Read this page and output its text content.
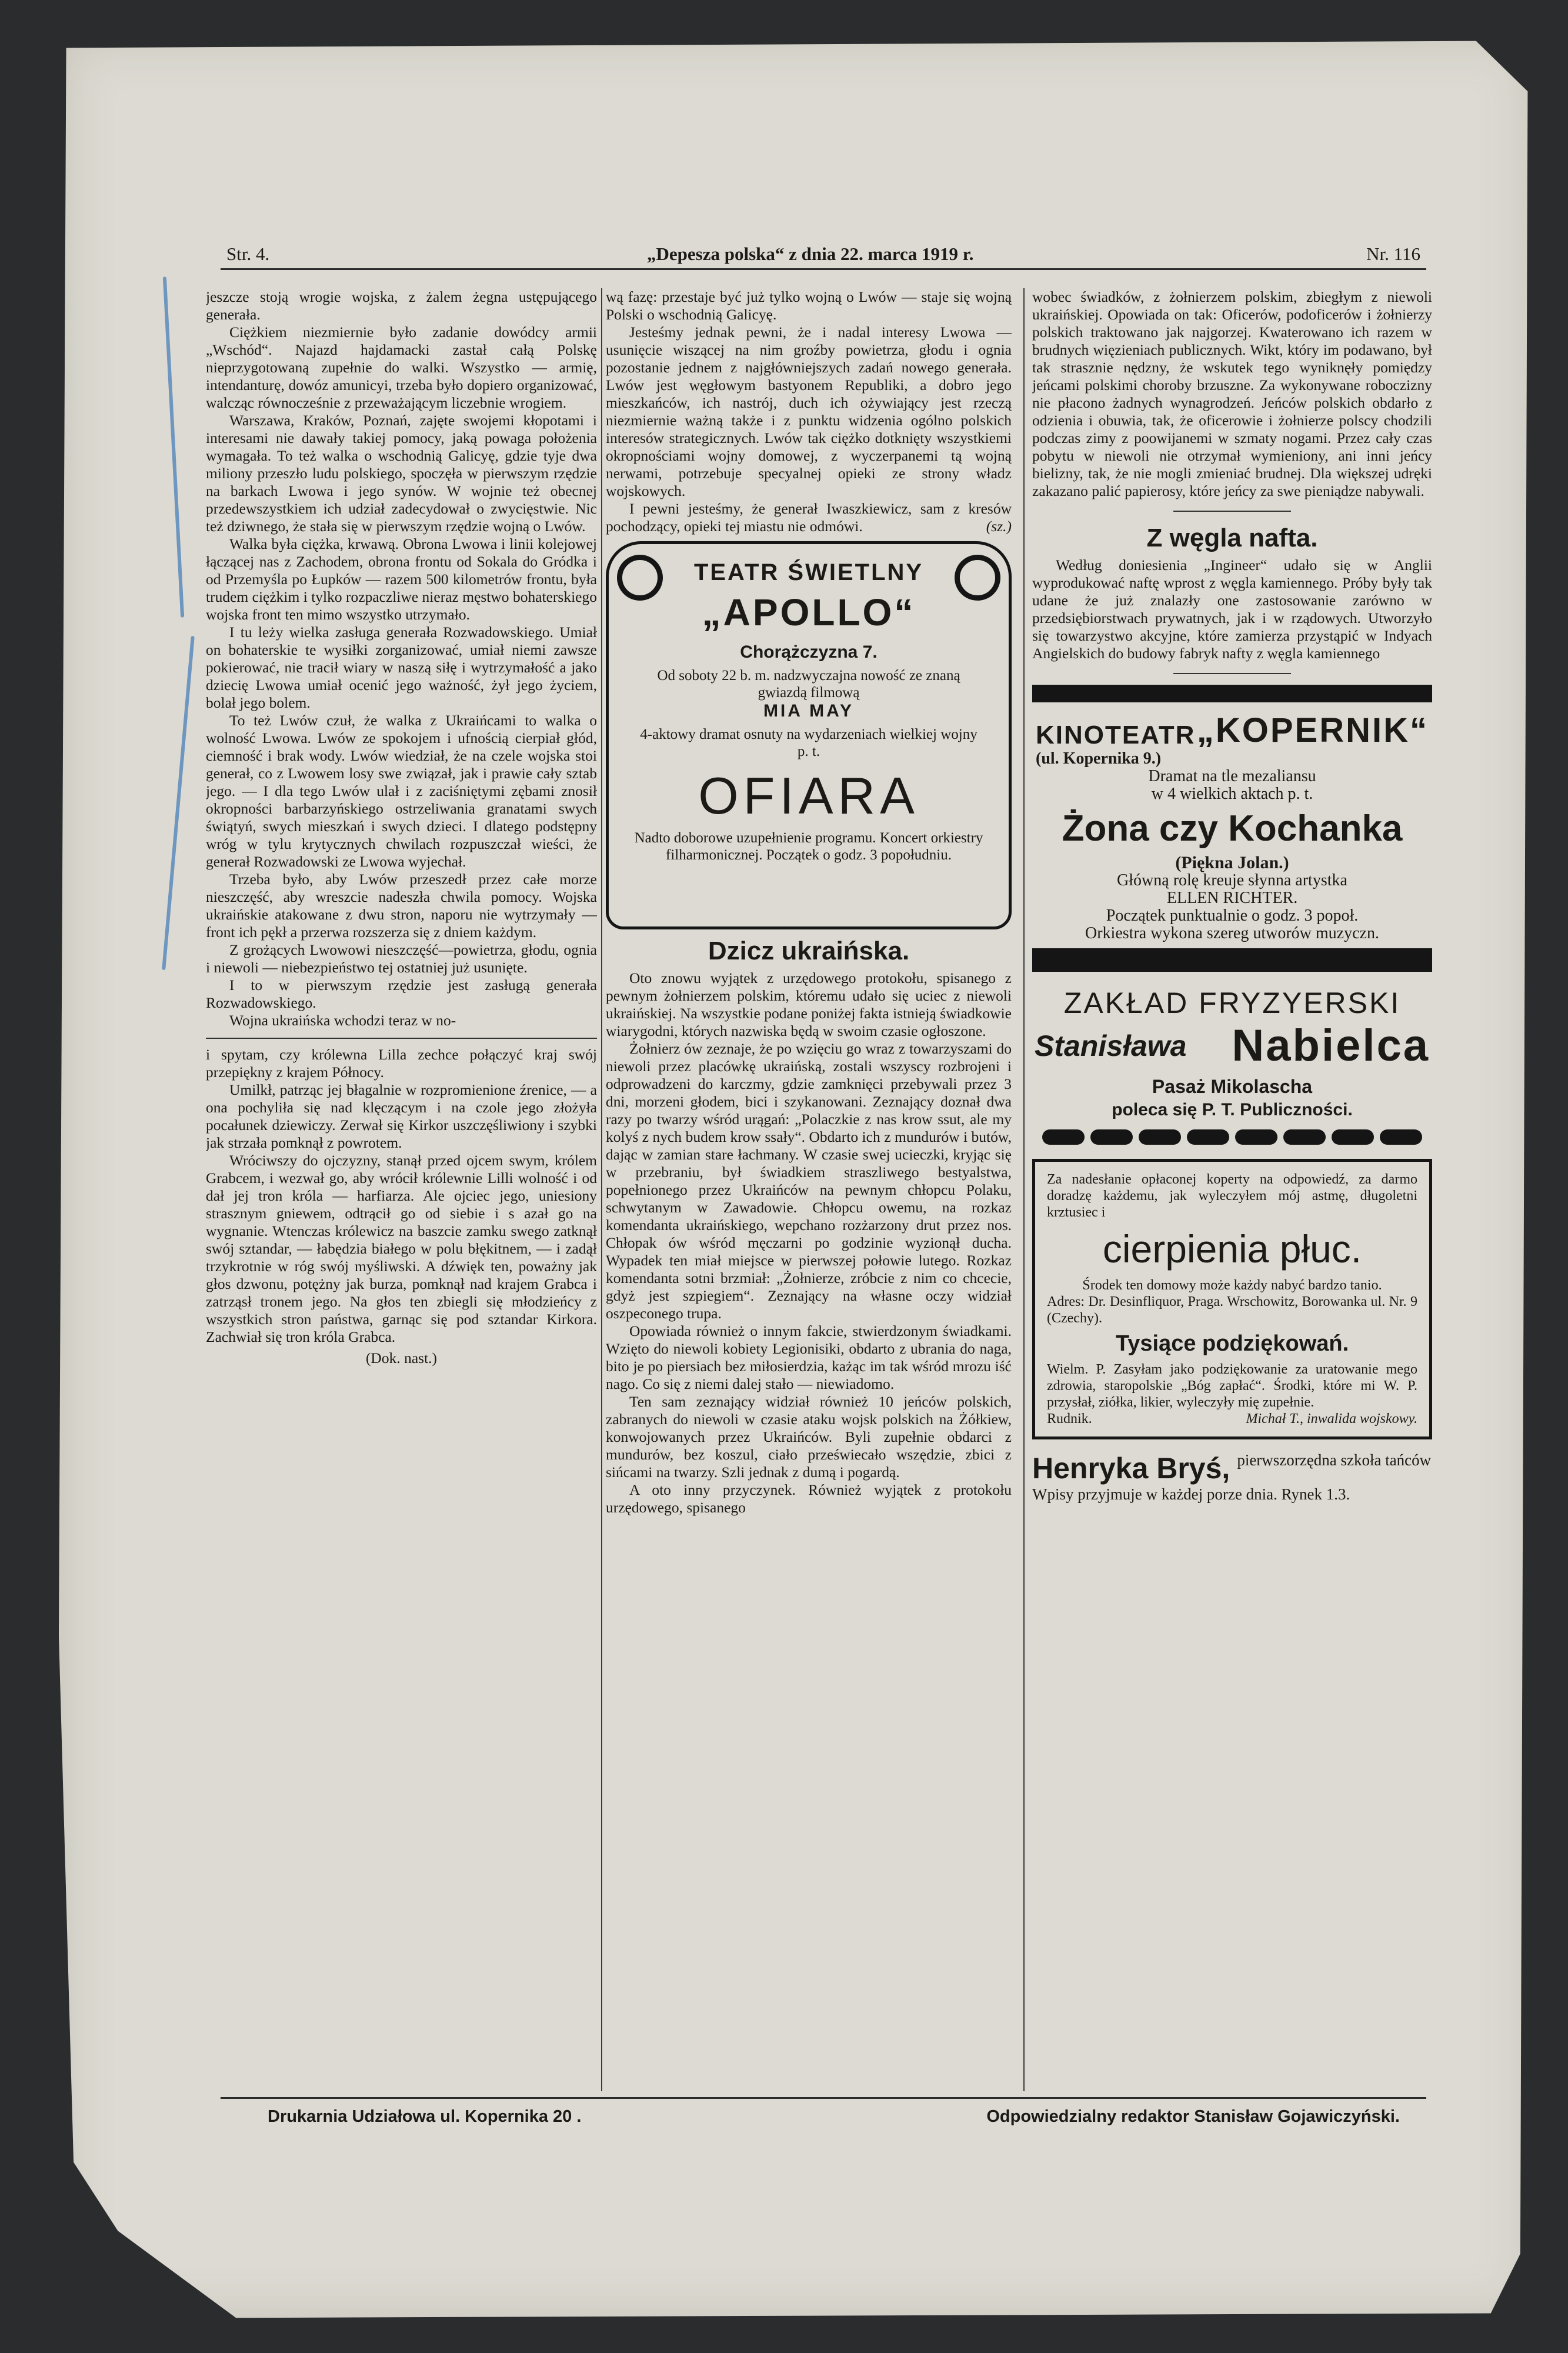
Str. 4.	„Depesza polska“ z dnia 22. marca 1919 r.	Nr. 116

jeszcze stoją wrogie wojska, z żalem żegna ustępującego generała.

Ciężkiem niezmiernie było zadanie dowódcy armii „Wschód“. Najazd hajdamacki zastał całą Polskę nieprzygotowaną zupełnie do walki. Wszystko — armię, intendanturę, dowóz amunicyi, trzeba było dopiero organizować, walcząc równocześnie z przeważającym liczebnie wrogiem.

Warszawa, Kraków, Poznań, zajęte swojemi kłopotami i interesami nie dawały takiej pomocy, jaką powaga położenia wymagała. To też walka o wschodnią Galicyę, gdzie tyje dwa miliony przeszło ludu polskiego, spoczęła w pierwszym rzędzie na barkach Lwowa i jego synów. W wojnie też obecnej przedewszystkiem ich udział zadecydował o zwycięstwie. Nic też dziwnego, że stała się w pierwszym rzędzie wojną o Lwów.

Walka była ciężka, krwawą. Obrona Lwowa i linii kolejowej łączącej nas z Zachodem, obrona frontu od Sokala do Gródka i od Przemyśla po Łupków — razem 500 kilometrów frontu, była trudem ciężkim i tylko rozpaczliwe nieraz męstwo bohaterskiego wojska front ten mimo wszystko utrzymało.

I tu leży wielka zasługa generała Rozwadowskiego. Umiał on bohaterskie te wysiłki zorganizować, umiał niemi zawsze pokierować, nie tracił wiary w naszą siłę i wytrzymałość a jako dziecię Lwowa umiał ocenić jego ważność, żył jego życiem, bolał jego bolem.

To też Lwów czuł, że walka z Ukraińcami to walka o wolność Lwowa. Lwów ze spokojem i ufnością cierpiał głód, ciemność i brak wody. Lwów wiedział, że na czele wojska stoi generał, co z Lwowem losy swe związał, jak i prawie cały sztab jego. — I dla tego Lwów ulał i z zaciśniętymi zębami znosił okropności barbarzyńskiego ostrzeliwania granatami swych świątyń, swych mieszkań i swych dzieci. I dlatego podstępny wróg w tylu krytycznych chwilach rozpuszczał wieści, że generał Rozwadowski ze Lwowa wyjechał.

Trzeba było, aby Lwów przeszedł przez całe morze nieszczęść, aby wreszcie nadeszła chwila pomocy. Wojska ukraińskie atakowane z dwu stron, naporu nie wytrzymały — front ich pękł a przerwa rozszerza się z dniem każdym.

Z grożących Lwowowi nieszczęść—powietrza, głodu, ognia i niewoli — niebezpieństwo tej ostatniej już usunięte.

I to w pierwszym rzędzie jest zasługą generała Rozwadowskiego.

Wojna ukraińska wchodzi teraz w no-

i spytam, czy królewna Lilla zechce połączyć kraj swój przepiękny z krajem Północy.

Umilkł, patrząc jej błagalnie w rozpromienione źrenice, — a ona pochyliła się nad klęczącym i na czole jego złożyła pocałunek dziewiczy. Zerwał się Kirkor uszczęśliwiony i szybki jak strzała pomknął z powrotem.

Wróciwszy do ojczyzny, stanął przed ojcem swym, królem Grabcem, i wezwał go, aby wrócił królewnie Lilli wolność i od dał jej tron króla — harfiarza. Ale ojciec jego, uniesiony strasznym gniewem, odtrącił go od siebie i s azał go na wygnanie. Wtenczas królewicz na baszcie zamku swego zatknął swój sztandar, — łabędzia białego w polu błękitnem, — i zadął trzykrotnie w róg swój myśliwski. A dźwięk ten, poważny jak głos dzwonu, potężny jak burza, pomknął nad krajem Grabca i zatrząsł tronem jego. Na głos ten zbiegli się młodzieńcy z wszystkich stron państwa, garnąc się pod sztandar Kirkora. Zachwiał się tron króla Grabca.

(Dok. nast.)

wą fazę: przestaje być już tylko wojną o Lwów — staje się wojną Polski o wschodnią Galicyę.

Jesteśmy jednak pewni, że i nadal interesy Lwowa — usunięcie wiszącej na nim groźby powietrza, głodu i ognia pozostanie jednem z najgłówniejszych zadań nowego generała. Lwów jest węgłowym bastyonem Republiki, a dobro jego mieszkańców, ich nastrój, duch ich ożywiający jest rzeczą niezmiernie ważną także i z punktu widzenia ogólno polskich interesów strategicznych. Lwów tak ciężko dotknięty wszystkiemi okropnościami wojny domowej, z wyczerpanemi tą wojną nerwami, potrzebuje specyalnej opieki ze strony władz wojskowych.

I pewni jesteśmy, że generał Iwaszkiewicz, sam z kresów pochodzący, opieki tej miastu nie odmówi.	(sz.)

TEATR ŚWIETLNY
„APOLLO“
Chorążczyzna 7.
Od soboty 22 b. m. nadzwyczajna nowość ze znaną gwiazdą filmową
MIA MAY
4-aktowy dramat osnuty na wydarzeniach wielkiej wojny p. t.
OFIARA
Nadto doborowe uzupełnienie programu. Koncert orkiestry filharmonicznej. Początek o godz. 3 popołudniu.
Dzicz ukraińska.

Oto znowu wyjątek z urzędowego protokołu, spisanego z pewnym żołnierzem polskim, któremu udało się uciec z niewoli ukraińskiej. Na wszystkie podane poniżej fakta istnieją świadkowie wiarygodni, których nazwiska będą w swoim czasie ogłoszone.

Żołnierz ów zeznaje, że po wzięciu go wraz z towarzyszami do niewoli przez placówkę ukraińską, zostali wszyscy rozbrojeni i odprowadzeni do karczmy, gdzie zamknięci przebywali przez 3 dni, morzeni głodem, bici i szykanowani. Zeznający doznał dwa razy po twarzy wśród urągań: „Polaczkie z nas krow ssut, ale my kolyś z nych budem krow ssały“. Obdarto ich z mundurów i butów, dając w zamian stare łachmany. W czasie swej ucieczki, kryjąc się w przebraniu, był świadkiem straszliwego bestyalstwa, popełnionego przez Ukraińców na pewnym chłopcu Polaku, schwytanym w Zawadowie. Chłopcu owemu, na rozkaz komendanta ukraińskiego, wepchano rozżarzony drut przez nos. Chłopak ów wśród męczarni po godzinie wyzionął ducha. Wypadek ten miał miejsce w pierwszej połowie lutego. Rozkaz komendanta sotni brzmiał: „Żołnierze, zróbcie z nim co chcecie, gdyż jest szpiegiem“. Zeznający na własne oczy widział oszpeconego trupa.

Opowiada również o innym fakcie, stwierdzonym świadkami. Wzięto do niewoli kobiety Legionisiki, obdarto z ubrania do naga, bito je po piersiach bez miłosierdzia, każąc im tak wśród mrozu iść nago. Co się z niemi dalej stało — niewiadomo.

Ten sam zeznający widział również 10 jeńców polskich, zabranych do niewoli w czasie ataku wojsk polskich na Żółkiew, konwojowanych przez Ukraińców. Byli zupełnie obdarci z mundurów, bez koszul, ciało przeświecało wszędzie, zbici z sińcami na twarzy. Szli jednak z dumą i pogardą.

A oto inny przyczynek. Również wyjątek z protokołu urzędowego, spisanego

wobec świadków, z żołnierzem polskim, zbiegłym z niewoli ukraińskiej. Opowiada on tak: Oficerów, podoficerów i żołnierzy polskich traktowano jak najgorzej. Kwaterowano ich razem w brudnych więzieniach publicznych. Wikt, który im podawano, był tak strasznie nędzny, że wskutek tego wyniknęły pomiędzy jeńcami polskimi choroby brzuszne. Za wykonywane roboczizny nie płacono żadnych wynagrodzeń. Jeńców polskich obdarło z odzienia i obuwia, tak, że oficerowie i żołnierze polscy chodzili podczas zimy z poowijanemi w szmaty nogami. Przez cały czas pobytu w niewoli nie otrzymał wymieniony, ani inni jeńcy bielizny, tak, że nie mogli zmieniać brudnej. Dla większej udręki zakazano palić papierosy, które jeńcy za swe pieniądze nabywali.

Z węgla nafta.

Według doniesienia „Ingineer“ udało się w Anglii wyprodukować naftę wprost z węgla kamiennego. Próby były tak udane że już znalazły one zastosowanie zarówno w przedsiębiorstwach prywatnych, jak i w rządowych. Utworzyło się towarzystwo akcyjne, które zamierza przystąpić w Indyach Angielskich do budowy fabryk nafty z węgla kamiennego

KINOTEATR „KOPERNIK“
(ul. Kopernika 9.)
Dramat na tle mezaliansu
w 4 wielkich aktach p. t.
Żona czy Kochanka
(Piękna Jolan.)
Główną rolę kreuje słynna artystka
ELLEN RICHTER.
Początek punktualnie o godz. 3 popoł.
Orkiestra wykona szereg utworów muzyczn.
ZAKŁAD FRYZYERSKI
Stanisława Nabielca
Pasaż Mikolascha
poleca się P. T. Publiczności.

Za nadesłanie opłaconej koperty na odpowiedź, za darmo doradzę każdemu, jak wyleczyłem mój astmę, długoletni krztusiec i

cierpienia płuc.

Środek ten domowy może każdy nabyć bardzo tanio.

Adres: Dr. Desinfliquor, Praga. Wrschowitz, Borowanka ul. Nr. 9 (Czechy).

Tysiące podziękowań.

Wielm. P. Zasyłam jako podziękowanie za uratowanie mego zdrowia, staropolskie „Bóg zapłać“. Środki, które mi W. P. przysłał, ziółka, likier, wyleczyły mię zupełnie.

Rudnik.	Michał T., inwalida wojskowy.
Henryka Bryś, pierwszorzędna szkoła tańców

Wpisy przyjmuje w każdej porze dnia. Rynek 1.3.

Drukarnia Udziałowa ul. Kopernika 20 .	Odpowiedzialny redaktor Stanisław Gojawiczyński.
